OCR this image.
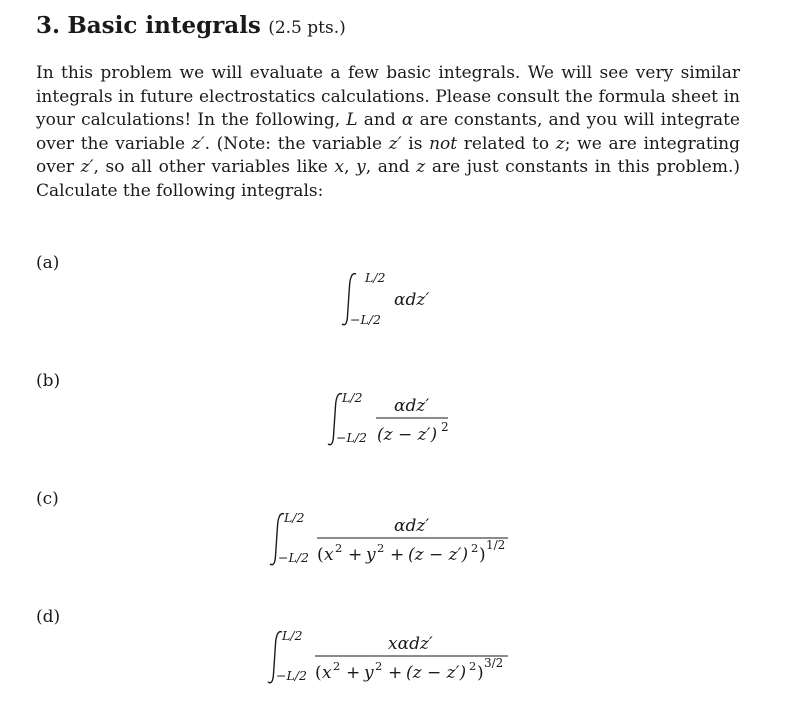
3. Basic integrals (2.5 pts.)

In this problem we will evaluate a few basic integrals. We will see very similar integrals in future electrostatics calculations. Please consult the formula sheet in your calculations! In the following, L and α are constants, and you will integrate over the variable z′. (Note: the variable z′ is not related to z; we are integrating over z′, so all other variables like x, y, and z are just constants in this problem.) Calculate the following integrals:

(a)
L/2
−L/2
αdz′
(b)
L/2
−L/2
αdz′
(z − z′) 2
(c)
L/2
−L/2
αdz′
( x 2 + y 2 + (z − z′) 2 ) 1/2
(d)
L/2
−L/2
xαdz′
( x 2 + y 2 + (z − z′) 2 ) 3/2
